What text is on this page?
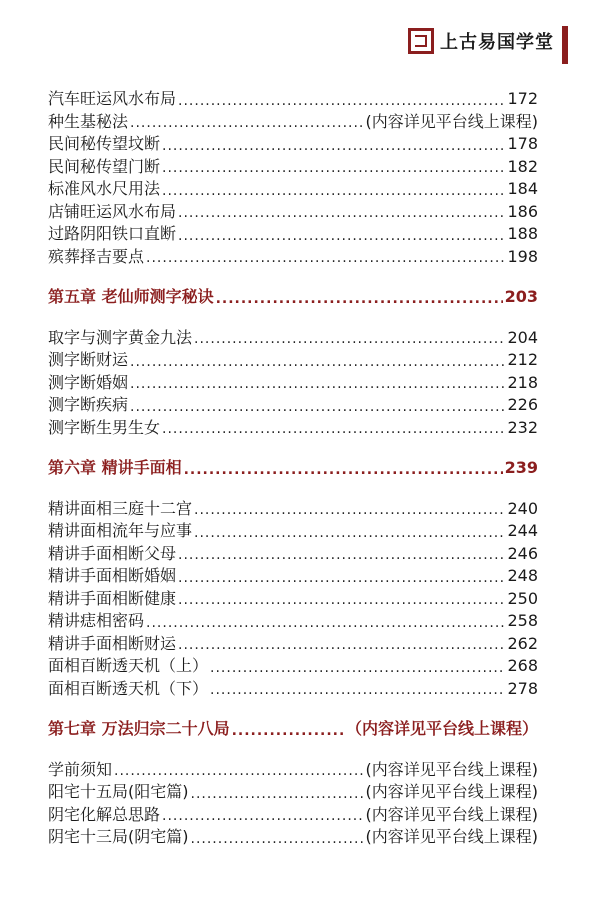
上古易国学堂
汽车旺运风水布局 .....	172
种生基秘法 .....	(内容详见平台线上课程)
民间秘传望坟断 .....	178
民间秘传望门断 .....	182
标准风水尺用法 .....	184
店铺旺运风水布局 .....	186
过路阴阳铁口直断 .....	188
殡葬择吉要点 .....	198
第五章 老仙师测字秘诀 .....	203
取字与测字黄金九法 .....	204
测字断财运 .....	212
测字断婚姻 .....	218
测字断疾病 .....	226
测字断生男生女 .....	232
第六章 精讲手面相 .....	239
精讲面相三庭十二宫 .....	240
精讲面相流年与应事 .....	244
精讲手面相断父母 .....	246
精讲手面相断婚姻 .....	248
精讲手面相断健康 .....	250
精讲痣相密码 .....	258
精讲手面相断财运 .....	262
面相百断透天机（上） .....	268
面相百断透天机（下） .....	278
第七章 万法归宗二十八局 .....	（内容详见平台线上课程）
学前须知 .....	(内容详见平台线上课程)
阳宅十五局(阳宅篇) .....	(内容详见平台线上课程)
阴宅化解总思路 .....	(内容详见平台线上课程)
阴宅十三局(阴宅篇) .....	(内容详见平台线上课程)
